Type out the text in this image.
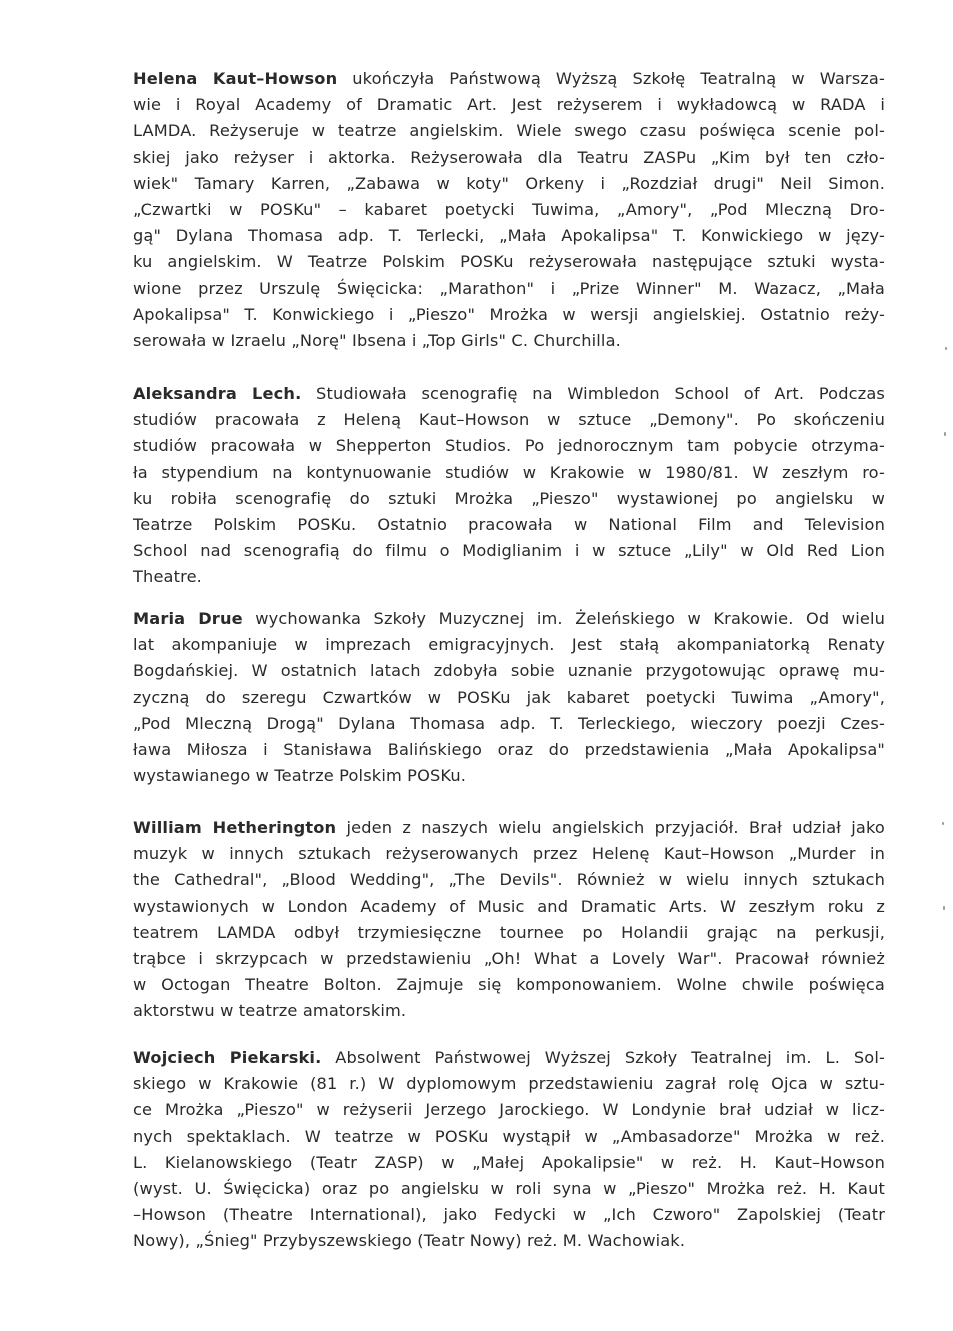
Helena Kaut–Howson ukończyła Państwową Wyższą Szkołę Teatralną w Warsza-
wie i Royal Academy of Dramatic Art. Jest reżyserem i wykładowcą w RADA i
LAMDA. Reżyseruje w teatrze angielskim. Wiele swego czasu poświęca scenie pol-
skiej jako reżyser i aktorka. Reżyserowała dla Teatru ZASPu „Kim był ten czło-
wiek" Tamary Karren, „Zabawa w koty" Orkeny i „Rozdział drugi" Neil Simon.
„Czwartki w POSKu" – kabaret poetycki Tuwima, „Amory", „Pod Mleczną Dro-
gą" Dylana Thomasa adp. T. Terlecki, „Mała Apokalipsa" T. Konwickiego w języ-
ku angielskim. W Teatrze Polskim POSKu reżyserowała następujące sztuki wysta-
wione przez Urszulę Święcicka: „Marathon" i „Prize Winner" M. Wazacz, „Mała
Apokalipsa" T. Konwickiego i „Pieszo" Mrożka w wersji angielskiej. Ostatnio reży-
serowała w Izraelu „Norę" Ibsena i „Top Girls" C. Churchilla.
Aleksandra Lech. Studiowała scenografię na Wimbledon School of Art. Podczas
studiów pracowała z Heleną Kaut–Howson w sztuce „Demony". Po skończeniu
studiów pracowała w Shepperton Studios. Po jednorocznym tam pobycie otrzyma-
ła stypendium na kontynuowanie studiów w Krakowie w 1980/81. W zeszłym ro-
ku robiła scenografię do sztuki Mrożka „Pieszo" wystawionej po angielsku w
Teatrze Polskim POSKu. Ostatnio pracowała w National Film and Television
School nad scenografią do filmu o Modiglianim i w sztuce „Lily" w Old Red Lion
Theatre.
Maria Drue wychowanka Szkoły Muzycznej im. Żeleńskiego w Krakowie. Od wielu
lat akompaniuje w imprezach emigracyjnych. Jest stałą akompaniatorką Renaty
Bogdańskiej. W ostatnich latach zdobyła sobie uznanie przygotowując oprawę mu-
zyczną do szeregu Czwartków w POSKu jak kabaret poetycki Tuwima „Amory",
„Pod Mleczną Drogą" Dylana Thomasa adp. T. Terleckiego, wieczory poezji Czes-
ława Miłosza i Stanisława Balińskiego oraz do przedstawienia „Mała Apokalipsa"
wystawianego w Teatrze Polskim POSKu.
William Hetherington jeden z naszych wielu angielskich przyjaciół. Brał udział jako
muzyk w innych sztukach reżyserowanych przez Helenę Kaut–Howson „Murder in
the Cathedral", „Blood Wedding", „The Devils". Również w wielu innych sztukach
wystawionych w London Academy of Music and Dramatic Arts. W zeszłym roku z
teatrem LAMDA odbył trzymiesięczne tournee po Holandii grając na perkusji,
trąbce i skrzypcach w przedstawieniu „Oh! What a Lovely War". Pracował również
w Octogan Theatre Bolton. Zajmuje się komponowaniem. Wolne chwile poświęca
aktorstwu w teatrze amatorskim.
Wojciech Piekarski. Absolwent Państwowej Wyższej Szkoły Teatralnej im. L. Sol-
skiego w Krakowie (81 r.) W dyplomowym przedstawieniu zagrał rolę Ojca w sztu-
ce Mrożka „Pieszo" w reżyserii Jerzego Jarockiego. W Londynie brał udział w licz-
nych spektaklach. W teatrze w POSKu wystąpił w „Ambasadorze" Mrożka w reż.
L. Kielanowskiego (Teatr ZASP) w „Małej Apokalipsie" w reż. H. Kaut–Howson
(wyst. U. Święcicka) oraz po angielsku w roli syna w „Pieszo" Mrożka reż. H. Kaut
–Howson (Theatre International), jako Fedycki w „Ich Czworo" Zapolskiej (Teatr
Nowy), „Śnieg" Przybyszewskiego (Teatr Nowy) reż. M. Wachowiak.
